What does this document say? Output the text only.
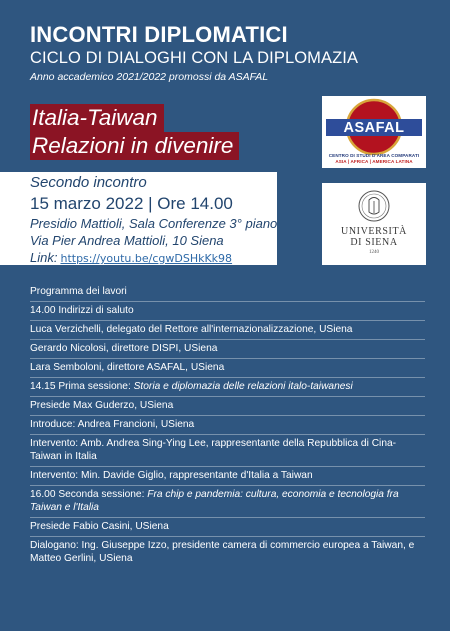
INCONTRI DIPLOMATICI
CICLO DI DIALOGHI CON LA DIPLOMAZIA
Anno accademico 2021/2022 promossi da ASAFAL
Italia-Taiwan
Relazioni in divenire
Secondo incontro
15 marzo 2022 | Ore 14.00
Presidio Mattioli, Sala Conferenze 3° piano
Via Pier Andrea Mattioli, 10 Siena
Link: https://youtu.be/cgwDSHkKk98
ASAFAL
CENTRO DI STUDI D'AREA COMPARATI
ASIA | AFRICA | AMERICA LATINA
UNIVERSITÀ
DI SIENA
1240
Programma dei lavori
14.00 Indirizzi di saluto
Luca Verzichelli, delegato del Rettore all'internazionalizzazione, USiena
Gerardo Nicolosi, direttore DISPI, USiena
Lara Semboloni, direttore ASAFAL, USiena
14.15 Prima sessione: Storia e diplomazia delle relazioni italo-taiwanesi
Presiede Max Guderzo, USiena
Introduce: Andrea Francioni, USiena
Intervento: Amb. Andrea Sing-Ying Lee, rappresentante della Repubblica di Cina-Taiwan in Italia
Intervento: Min. Davide Giglio, rappresentante d'Italia a Taiwan
16.00 Seconda sessione: Fra chip e pandemia: cultura, economia e tecnologia fra Taiwan e l'Italia
Presiede Fabio Casini, USiena
Dialogano: Ing. Giuseppe Izzo, presidente camera di commercio europea a Taiwan, e Matteo Gerlini, USiena
